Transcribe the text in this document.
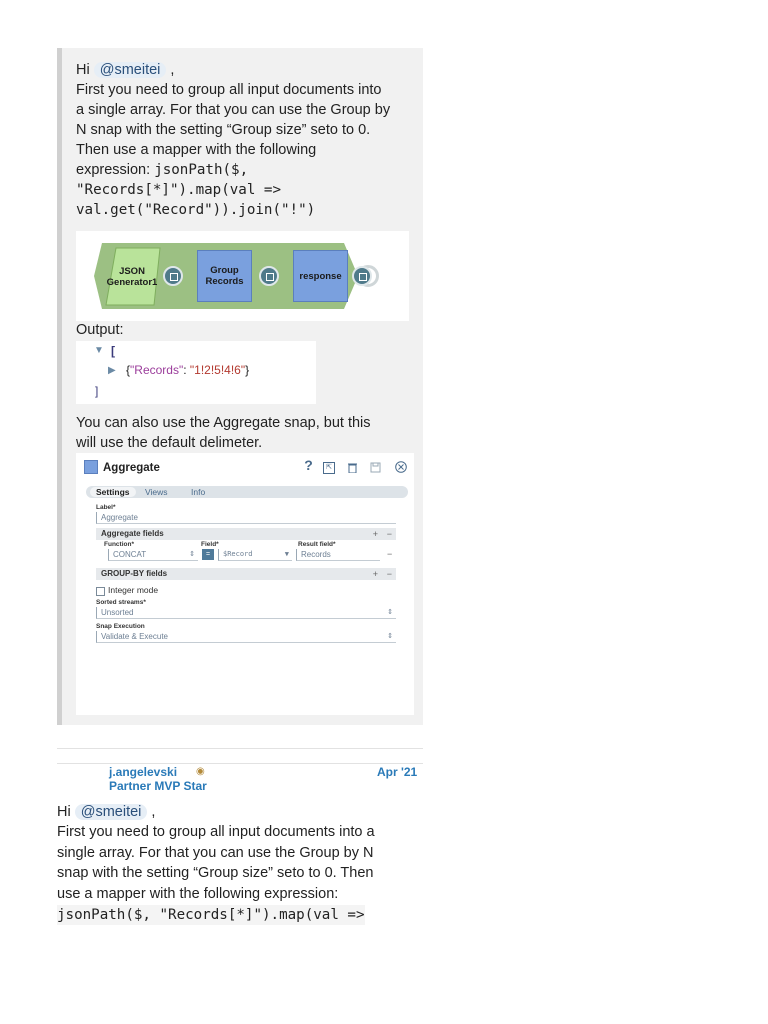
Hi @smeitei ,
First you need to group all input documents into
a single array. For that you can use the Group by
N snap with the setting “Group size” seto to 0.
Then use a mapper with the following
expression: jsonPath($,
"Records[*]").map(val =>
val.get("Record")).join("!")
JSON
Generator1
Group
Records	response
Output:
▼ [
▶ {"Records": "1!2!5!4!6"}
]
You can also use the Aggregate snap, but this
will use the default delimeter.
Aggregate	?	⇱
Settings	Views	Info
Label*
Aggregate
Aggregate fields	+ −
Function*	Field*	Result field*
CONCAT	⇕	=	$Record	▼	Records	−
GROUP-BY fields	+ −
Integer mode
Sorted streams*
Unsorted	⇕
Snap Execution
Validate & Execute	⇕
j.angelevski ◉
Partner MVP Star
Apr '21
Hi @smeitei ,
First you need to group all input documents into a
single array. For that you can use the Group by N
snap with the setting “Group size” seto to 0. Then
use a mapper with the following expression:
jsonPath($, "Records[*]").map(val =>
